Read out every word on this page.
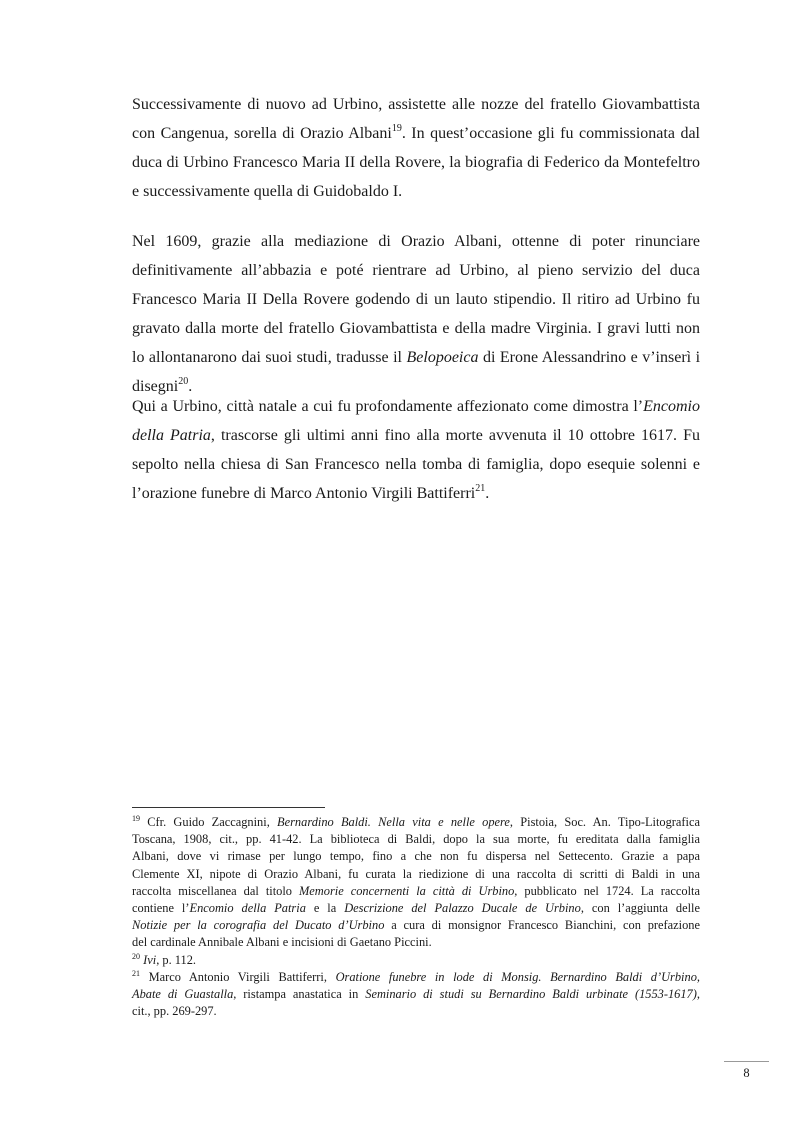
Successivamente di nuovo ad Urbino, assistette alle nozze del fratello Giovambattista
con Cangenua, sorella di Orazio Albani$^{19}$. In quest’occasione gli fu commissionata dal
duca di Urbino Francesco Maria II della Rovere, la biografia di Federico da Montefeltro
e successivamente quella di Guidobaldo I.
Nel 1609, grazie alla mediazione di Orazio Albani, ottenne di poter rinunciare
definitivamente all’abbazia e poté rientrare ad Urbino, al pieno servizio del duca
Francesco Maria II Della Rovere godendo di un lauto stipendio. Il ritiro ad Urbino fu
gravato dalla morte del fratello Giovambattista e della madre Virginia. I gravi lutti non
lo allontanarono dai suoi studi, tradusse il Belopoeica di Erone Alessandrino e v’inserì i
disegni$^{20}$.
Qui a Urbino, città natale a cui fu profondamente affezionato come dimostra l’Encomio
della Patria, trascorse gli ultimi anni fino alla morte avvenuta il 10 ottobre 1617. Fu
sepolto nella chiesa di San Francesco nella tomba di famiglia, dopo esequie solenni e
l’orazione funebre di Marco Antonio Virgili Battiferri$^{21}$.
$^{19}$ Cfr. Guido Zaccagnini, Bernardino Baldi. Nella vita e nelle opere, Pistoia, Soc. An. Tipo-Litografica
Toscana, 1908, cit., pp. 41-42. La biblioteca di Baldi, dopo la sua morte, fu ereditata dalla famiglia
Albani, dove vi rimase per lungo tempo, fino a che non fu dispersa nel Settecento. Grazie a papa
Clemente XI, nipote di Orazio Albani, fu curata la riedizione di una raccolta di scritti di Baldi in una
raccolta miscellanea dal titolo Memorie concernenti la città di Urbino, pubblicato nel 1724. La raccolta
contiene l’Encomio della Patria e la Descrizione del Palazzo Ducale de Urbino, con l’aggiunta delle
Notizie per la corografia del Ducato d’Urbino a cura di monsignor Francesco Bianchini, con prefazione
del cardinale Annibale Albani e incisioni di Gaetano Piccini.
$^{20}$ Ivi, p. 112.
$^{21}$ Marco Antonio Virgili Battiferri, Oratione funebre in lode di Monsig. Bernardino Baldi d’Urbino,
Abate di Guastalla, ristampa anastatica in Seminario di studi su Bernardino Baldi urbinate (1553-1617),
cit., pp. 269-297.
8
